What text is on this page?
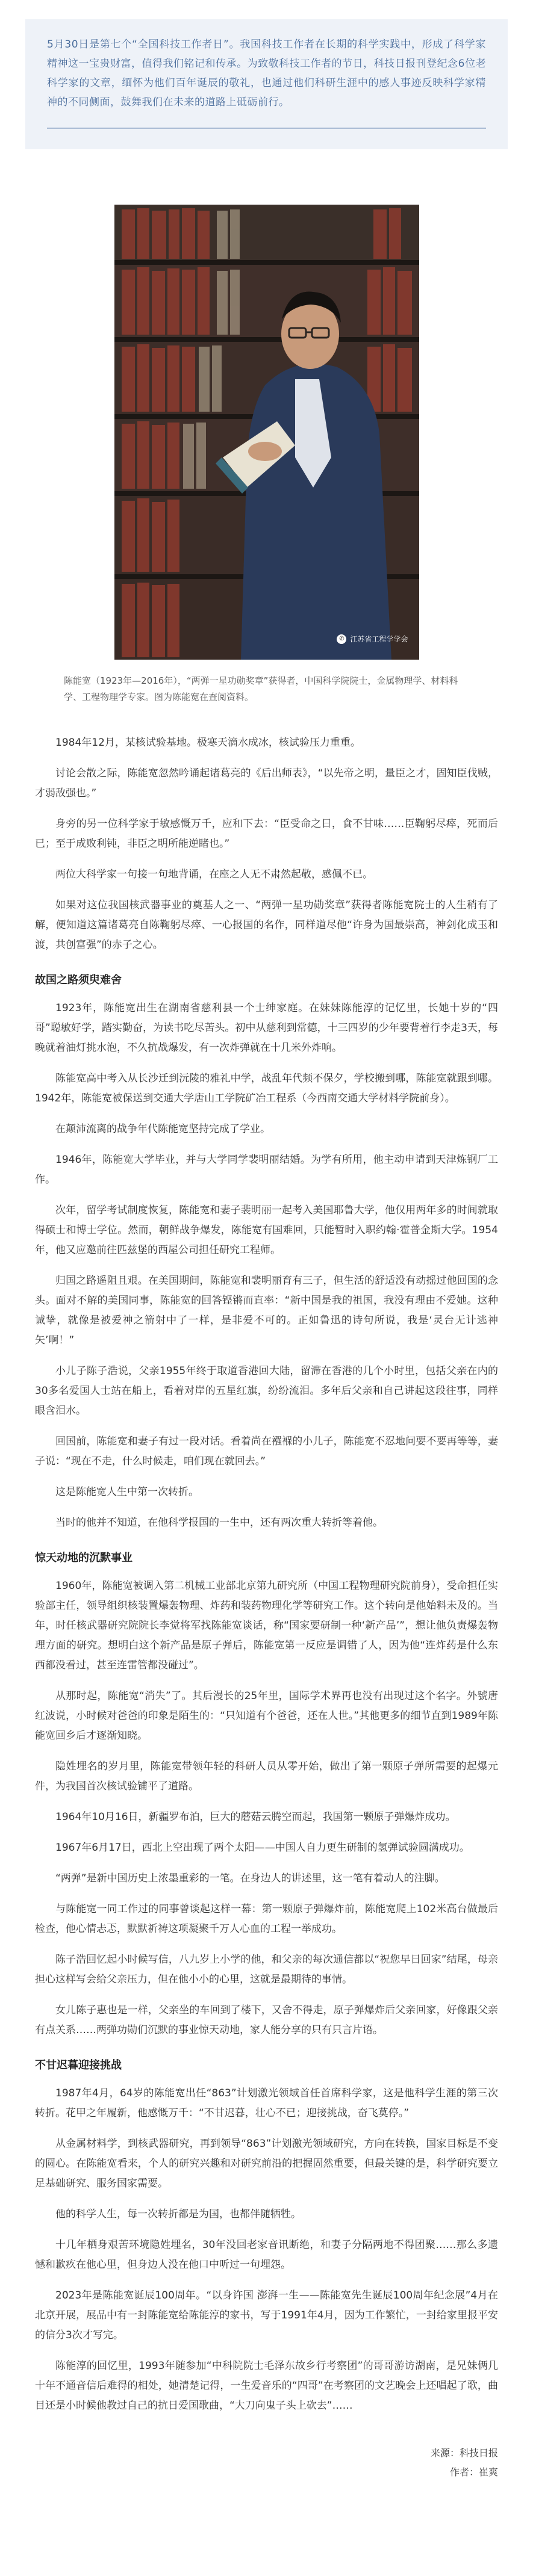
5月30日是第七个“全国科技工作者日”。我国科技工作者在长期的科学实践中，形成了科学家精神这一宝贵财富，值得我们铭记和传承。为致敬科技工作者的节日，科技日报刊登纪念6位老科学家的文章，缅怀为他们百年诞辰的敬礼，也通过他们科研生涯中的感人事迹反映科学家精神的不同侧面，鼓舞我们在未来的道路上砥砺前行。

✆ 江苏省工程学学会

陈能宽（1923年—2016年），“两弹一星功勋奖章”获得者，中国科学院院士，金属物理学、材料科学、工程物理学专家。图为陈能宽在查阅资料。

1984年12月，某核试验基地。极寒天滴水成冰，核试验压力重重。

讨论会散之际，陈能宽忽然吟诵起诸葛亮的《后出师表》，“以先帝之明，量臣之才，固知臣伐贼，才弱敌强也。”

身旁的另一位科学家于敏感慨万千，应和下去：“臣受命之日，食不甘味……臣鞠躬尽瘁，死而后已；至于成败利钝，非臣之明所能逆睹也。”

两位大科学家一句接一句地背诵，在座之人无不肃然起敬，感佩不已。

如果对这位我国核武器事业的奠基人之一、“两弹一星功勋奖章”获得者陈能宽院士的人生稍有了解，便知道这篇诸葛亮自陈鞠躬尽瘁、一心报国的名作，同样道尽他“许身为国最崇高，神剑化成玉和渡，共创富强”的赤子之心。

故国之路须臾难舍

1923年，陈能宽出生在湖南省慈利县一个士绅家庭。在妹妹陈能淳的记忆里，长她十岁的“四哥”聪敏好学，踏实勤奋，为读书吃尽苦头。初中从慈利到常德，十三四岁的少年要背着行李走3天，每晚就着油灯挑水泡，不久抗战爆发，有一次炸弹就在十几米外炸响。

陈能宽高中考入从长沙迁到沅陵的雅礼中学，战乱年代频不保夕，学校搬到哪，陈能宽就跟到哪。1942年，陈能宽被保送到交通大学唐山工学院矿冶工程系（今西南交通大学材料学院前身）。

在颠沛流离的战争年代陈能宽坚持完成了学业。

1946年，陈能宽大学毕业，并与大学同学裴明丽结婚。为学有所用，他主动申请到天津炼钢厂工作。

次年，留学考试制度恢复，陈能宽和妻子裴明丽一起考入美国耶鲁大学，他仅用两年多的时间就取得硕士和博士学位。然而，朝鲜战争爆发，陈能宽有国难回，只能暂时入职约翰·霍普金斯大学。1954年，他又应邀前往匹兹堡的西屋公司担任研究工程师。

归国之路遥阻且艰。在美国期间，陈能宽和裴明丽育有三子，但生活的舒适没有动摇过他回国的念头。面对不解的美国同事，陈能宽的回答铿锵而直率：“新中国是我的祖国，我没有理由不爱她。这种诚挚，就像是被爱神之箭射中了一样，是非爱不可的。正如鲁迅的诗句所说，我是‘灵台无计逃神矢’啊！”

小儿子陈子浩说，父亲1955年终于取道香港回大陆，留滞在香港的几个小时里，包括父亲在内的30多名爱国人士站在船上，看着对岸的五星红旗，纷纷流泪。多年后父亲和自己讲起这段往事，同样眼含泪水。

回国前，陈能宽和妻子有过一段对话。看着尚在襁褓的小儿子，陈能宽不忍地问要不要再等等，妻子说：“现在不走，什么时候走，咱们现在就回去。”

这是陈能宽人生中第一次转折。

当时的他并不知道，在他科学报国的一生中，还有两次重大转折等着他。

惊天动地的沉默事业

1960年，陈能宽被调入第二机械工业部北京第九研究所（中国工程物理研究院前身），受命担任实验部主任，领导组织核装置爆轰物理、炸药和装药物理化学等研究工作。这个转向是他始料未及的。当年，时任核武器研究院院长李觉将军找陈能宽谈话，称“国家要研制一种‘新产品’”，想让他负责爆轰物理方面的研究。想明白这个新产品是原子弹后，陈能宽第一反应是调错了人，因为他“连炸药是什么东西都没看过，甚至连雷管都没碰过”。

从那时起，陈能宽“消失”了。其后漫长的25年里，国际学术界再也没有出现过这个名字。外號唐红波说，小时候对爸爸的印象是陌生的：“只知道有个爸爸，还在人世。”其他更多的细节直到1989年陈能宽回乡后才逐渐知晓。

隐姓埋名的岁月里，陈能宽带领年轻的科研人员从零开始，做出了第一颗原子弹所需要的起爆元件，为我国首次核试验铺平了道路。

1964年10月16日，新疆罗布泊，巨大的蘑菇云腾空而起，我国第一颗原子弹爆炸成功。

1967年6月17日，西北上空出现了两个太阳——中国人自力更生研制的氢弹试验圆满成功。

“两弹”是新中国历史上浓墨重彩的一笔。在身边人的讲述里，这一笔有着动人的注脚。

与陈能宽一同工作过的同事曾谈起这样一幕：第一颗原子弹爆炸前，陈能宽爬上102米高台做最后检查，他心情忐忑，默默祈祷这项凝聚千万人心血的工程一举成功。

陈子浩回忆起小时候写信，八九岁上小学的他，和父亲的每次通信都以“祝您早日回家”结尾，母亲担心这样写会给父亲压力，但在他小小的心里，这就是最期待的事情。

女儿陈子惠也是一样，父亲坐的车回到了楼下，又舍不得走，原子弹爆炸后父亲回家，好像跟父亲有点关系……两弹功勋们沉默的事业惊天动地，家人能分享的只有只言片语。

不甘迟暮迎接挑战

1987年4月，64岁的陈能宽出任“863”计划激光领域首任首席科学家，这是他科学生涯的第三次转折。花甲之年履新，他感慨万千：“不甘迟暮，壮心不已；迎接挑战，奋飞莫停。”

从金属材料学，到核武器研究，再到领导“863”计划激光领域研究，方向在转换，国家目标是不变的圆心。在陈能宽看来，个人的研究兴趣和对研究前沿的把握固然重要，但最关键的是，科学研究要立足基础研究、服务国家需要。

他的科学人生，每一次转折都是为国，也都伴随牺牲。

十几年栖身艰苦环境隐姓埋名，30年没回老家音讯断绝，和妻子分隔两地不得团聚……那么多遗憾和歉疚在他心里，但身边人没在他口中听过一句埋怨。

2023年是陈能宽诞辰100周年。“以身许国 澎湃一生——陈能宽先生诞辰100周年纪念展”4月在北京开展，展品中有一封陈能宽给陈能淳的家书，写于1991年4月，因为工作繁忙，一封给家里报平安的信分3次才写完。

陈能淳的回忆里，1993年随参加“中科院院士毛泽东故乡行考察团”的哥哥游访湖南，是兄妹俩几十年不通音信后难得的相处，她清楚记得，一生爱音乐的“四哥”在考察团的文艺晚会上还唱起了歌，曲目还是小时候他教过自己的抗日爱国歌曲，“大刀向鬼子头上砍去”……

来源：科技日报
作者：崔爽
